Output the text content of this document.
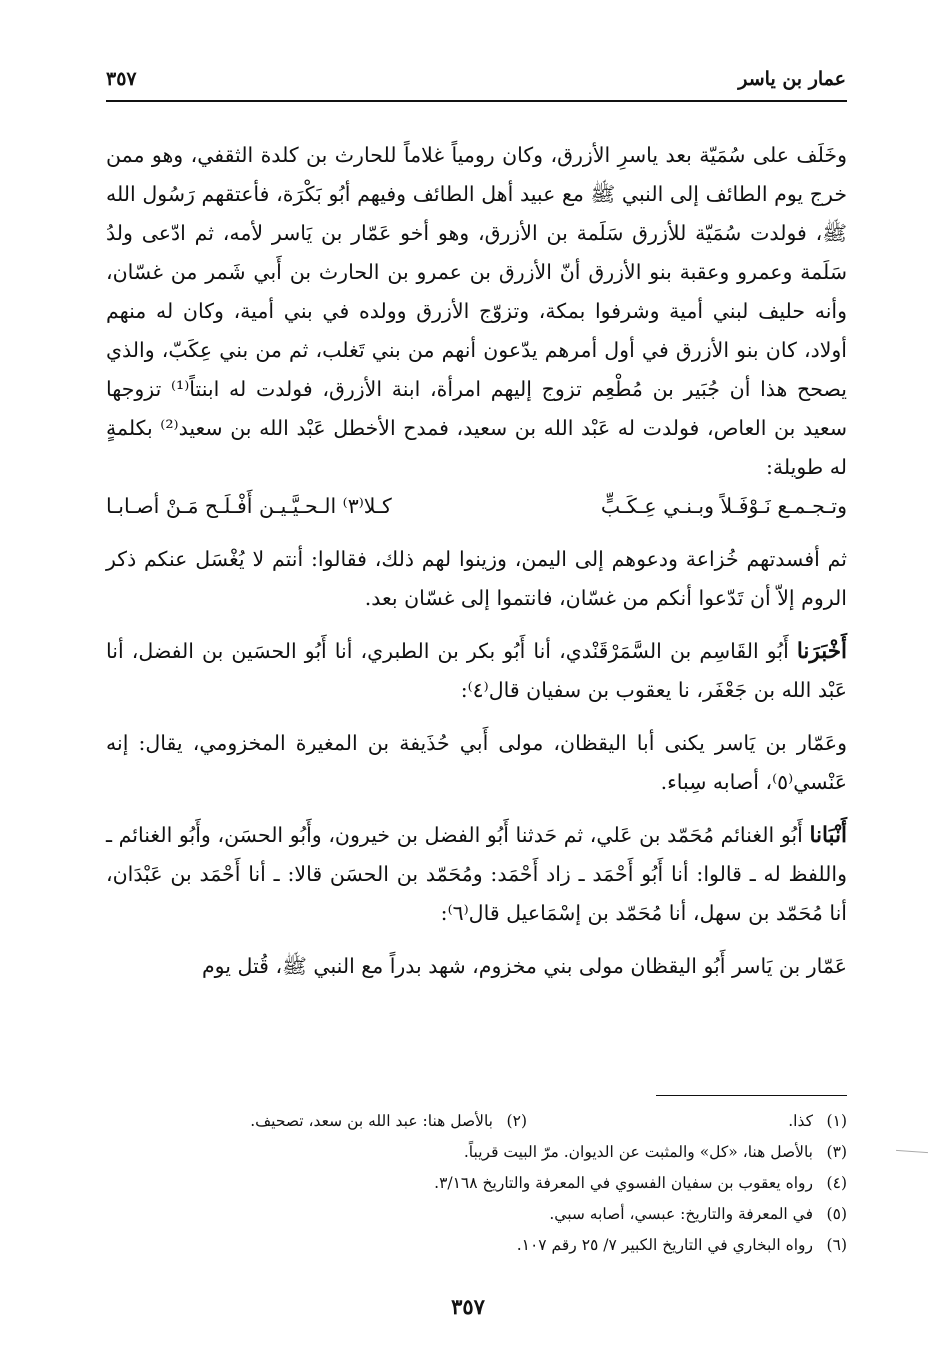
عمار بن ياسر
٣٥٧

وخَلَف على سُمَيّة بعد ياسرِ الأزرق، وكان رومياً غلاماً للحارث بن كلدة الثقفي، وهو ممن خرج يوم الطائف إلى النبي ﷺ مع عبيد أهل الطائف وفيهم أبُو بَكْرَة، فأعتقهم رَسُول الله ﷺ، فولدت سُمَيّة للأزرق سَلَمة بن الأزرق، وهو أخو عَمّار بن يَاسر لأمه، ثم ادّعى ولدُ سَلَمة وعمرو وعقبة بنو الأزرق أنّ الأزرق بن عمرو بن الحارث بن أَبي شَمر من غسّان، وأنه حليف لبني أمية وشرفوا بمكة، وتزوّج الأزرق وولده في بني أمية، وكان له منهم أولاد، كان بنو الأزرق في أول أمرهم يدّعون أنهم من بني تَغلب، ثم من بني عِكَبّ، والذي يصحح هذا أن جُبَير بن مُطْعِم تزوج إليهم امرأة، ابنة الأزرق، فولدت له ابنتاً⁽¹⁾ تزوجها سعيد بن العاص، فولدت له عَبْد الله بن سعيد، فمدح الأخطل عَبْد الله بن سعيد⁽²⁾ بكلمةٍ له طويلة:

وتـجـمـع نَـوْفَـلاً وبـنـي عِـكَـبٍّ
كـلا⁽٣⁾ الـحـيَّـيـن أَفْـلَـح مَـنْ أصـابـا

ثم أفسدتهم خُزاعة ودعوهم إلى اليمن، وزينوا لهم ذلك، فقالوا: أنتم لا يُغْسَل عنكم ذكر الروم إلاّ أن تَدّعوا أنكم من غسّان، فانتموا إلى غسّان بعد.

أَخْبَرَنا أَبُو القَاسِم بن السَّمَرْقَنْدي، أنا أَبُو بكر بن الطبري، أنا أَبُو الحسَين بن الفضل، أنا عَبْد الله بن جَعْفَر، نا يعقوب بن سفيان قال⁽٤⁾:

وعَمّار بن يَاسر يكنى أبا اليقظان، مولى أَبي حُذَيفة بن المغيرة المخزومي، يقال: إنه عَنْسي⁽٥⁾، أصابه سِباء.

أَنْبَانا أَبُو الغنائم مُحَمّد بن عَلي، ثم حَدثنا أَبُو الفضل بن خيرون، وأَبُو الحسَن، وأَبُو الغنائم ـ واللفظ له ـ قالوا: أنا أَبُو أَحْمَد ـ زاد أَحْمَد: ومُحَمّد بن الحسَن قالا: ـ أنا أَحْمَد بن عَبْدَان، أنا مُحَمّد بن سهل، أنا مُحَمّد بن إسْمَاعيل قال⁽٦⁾:

عَمّار بن يَاسر أَبُو اليقظان مولى بني مخزوم، شهد بدراً مع النبي ﷺ، قُتل يوم

(١)كذا.
(٢)بالأصل هنا: عبد الله بن سعد، تصحيف.
(٣)بالأصل هنا، «كل» والمثبت عن الديوان. مرّ البيت قريباً.
(٤)رواه يعقوب بن سفيان الفسوي في المعرفة والتاريخ ٣/١٦٨.
(٥)في المعرفة والتاريخ: عبسي، أصابه سبي.
(٦)رواه البخاري في التاريخ الكبير ٧/ ٢٥ رقم ١٠٧.
٣٥٧
